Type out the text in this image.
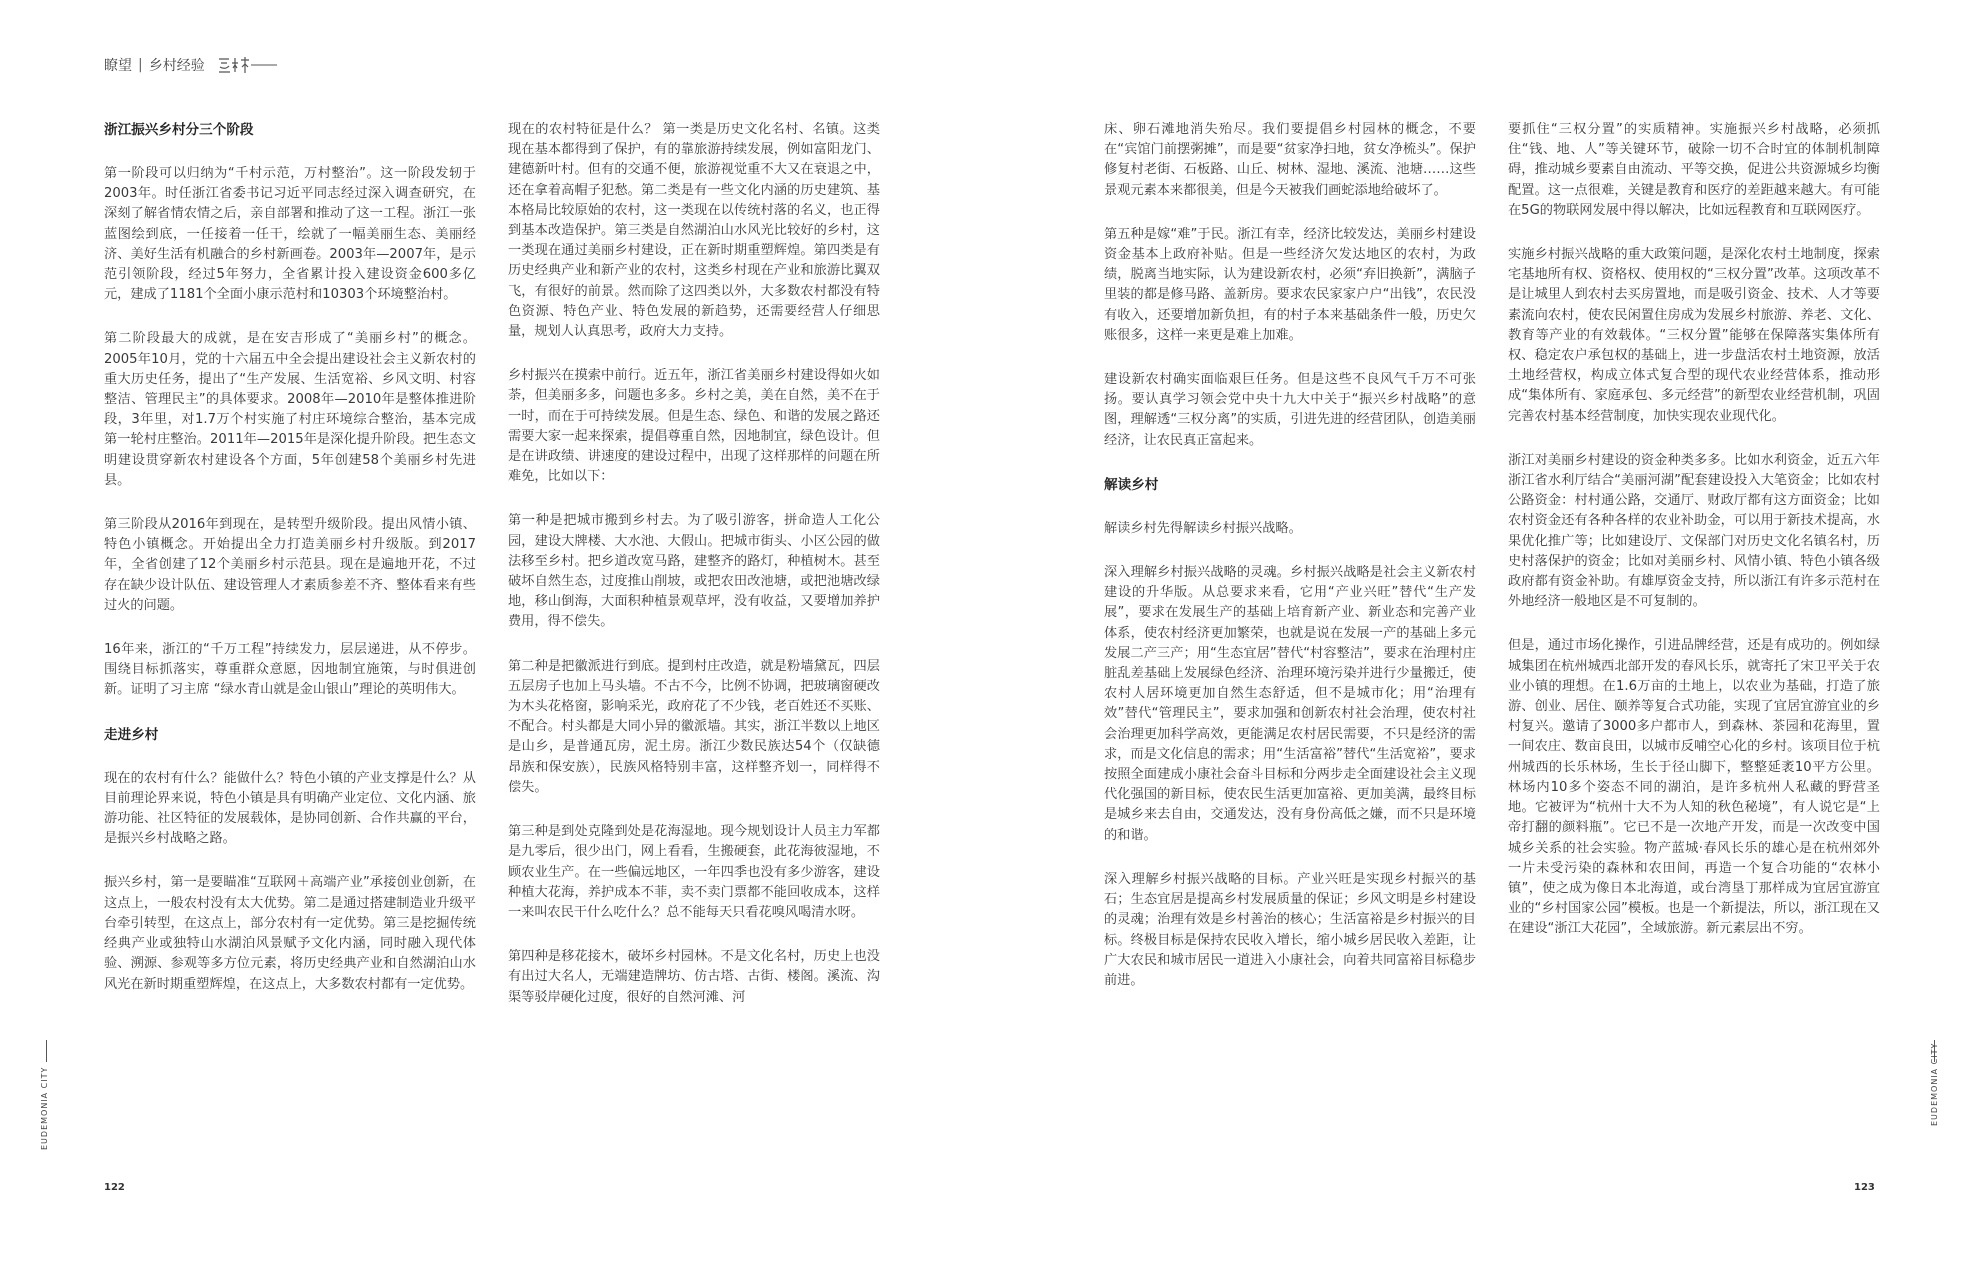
瞭望 | 乡村经验
浙江振兴乡村分三个阶段

第一阶段可以归纳为“千村示范，万村整治”。这一阶段发轫于2003年。时任浙江省委书记习近平同志经过深入调查研究，在深刻了解省情农情之后，亲自部署和推动了这一工程。浙江一张蓝图绘到底，一任接着一任干，绘就了一幅美丽生态、美丽经济、美好生活有机融合的乡村新画卷。2003年—2007年，是示范引领阶段，经过5年努力，全省累计投入建设资金600多亿元，建成了1181个全面小康示范村和10303个环境整治村。

第二阶段最大的成就，是在安吉形成了“美丽乡村”的概念。2005年10月，党的十六届五中全会提出建设社会主义新农村的重大历史任务，提出了“生产发展、生活宽裕、乡风文明、村容整洁、管理民主”的具体要求。2008年—2010年是整体推进阶段，3年里，对1.7万个村实施了村庄环境综合整治，基本完成第一轮村庄整治。2011年—2015年是深化提升阶段。把生态文明建设贯穿新农村建设各个方面，5年创建58个美丽乡村先进县。

第三阶段从2016年到现在，是转型升级阶段。提出风情小镇、特色小镇概念。开始提出全力打造美丽乡村升级版。到2017年，全省创建了12个美丽乡村示范县。现在是遍地开花，不过存在缺少设计队伍、建设管理人才素质参差不齐、整体看来有些过火的问题。

16年来，浙江的“千万工程”持续发力，层层递进，从不停步。围绕目标抓落实，尊重群众意愿，因地制宜施策，与时俱进创新。证明了习主席 “绿水青山就是金山银山”理论的英明伟大。

走进乡村

现在的农村有什么？能做什么？特色小镇的产业支撑是什么？从目前理论界来说，特色小镇是具有明确产业定位、文化内涵、旅游功能、社区特征的发展载体，是协同创新、合作共赢的平台，是振兴乡村战略之路。

振兴乡村，第一是要瞄准“互联网＋高端产业”承接创业创新，在这点上，一般农村没有太大优势。第二是通过搭建制造业升级平台牵引转型，在这点上，部分农村有一定优势。第三是挖掘传统经典产业或独特山水湖泊风景赋予文化内涵，同时融入现代体验、溯源、参观等多方位元素，将历史经典产业和自然湖泊山水风光在新时期重塑辉煌，在这点上，大多数农村都有一定优势。

现在的农村特征是什么？ 第一类是历史文化名村、名镇。这类现在基本都得到了保护，有的靠旅游持续发展，例如富阳龙门、建德新叶村。但有的交通不便，旅游视觉重不大又在衰退之中，还在拿着高帽子犯愁。第二类是有一些文化内涵的历史建筑、基本格局比较原始的农村，这一类现在以传统村落的名义，也正得到基本改造保护。第三类是自然湖泊山水风光比较好的乡村，这一类现在通过美丽乡村建设，正在新时期重塑辉煌。第四类是有历史经典产业和新产业的农村，这类乡村现在产业和旅游比翼双飞，有很好的前景。然而除了这四类以外，大多数农村都没有特色资源、特色产业、特色发展的新趋势，还需要经营人仔细思量，规划人认真思考，政府大力支持。

乡村振兴在摸索中前行。近五年，浙江省美丽乡村建设得如火如荼，但美丽多多，问题也多多。乡村之美，美在自然，美不在于一时，而在于可持续发展。但是生态、绿色、和谐的发展之路还需要大家一起来探索，提倡尊重自然，因地制宜，绿色设计。但是在讲政绩、讲速度的建设过程中，出现了这样那样的问题在所难免，比如以下：

第一种是把城市搬到乡村去。为了吸引游客，拼命造人工化公园，建设大牌楼、大水池、大假山。把城市街头、小区公园的做法移至乡村。把乡道改宽马路，建整齐的路灯，种植树木。甚至破坏自然生态，过度推山削坡，或把农田改池塘，或把池塘改绿地，移山倒海，大面积种植景观草坪，没有收益，又要增加养护费用，得不偿失。

第二种是把徽派进行到底。提到村庄改造，就是粉墙黛瓦，四层五层房子也加上马头墙。不古不今，比例不协调，把玻璃窗硬改为木头花格窗，影响采光，政府花了不少钱，老百姓还不买账、不配合。村头都是大同小异的徽派墙。其实，浙江半数以上地区是山乡，是普通瓦房，泥土房。浙江少数民族达54个（仅缺德昂族和保安族），民族风格特别丰富，这样整齐划一，同样得不偿失。

第三种是到处克隆到处是花海湿地。现今规划设计人员主力军都是九零后，很少出门，网上看看，生搬硬套，此花海彼湿地，不顾农业生产。在一些偏远地区，一年四季也没有多少游客，建设种植大花海，养护成本不菲，卖不卖门票都不能回收成本，这样一来叫农民干什么吃什么？总不能每天只看花嗅风喝清水呀。

第四种是移花接木，破坏乡村园林。不是文化名村，历史上也没有出过大名人，无端建造牌坊、仿古塔、古街、楼阁。溪流、沟渠等驳岸硬化过度，很好的自然河滩、河

床、卵石滩地消失殆尽。我们要提倡乡村园林的概念，不要在“宾馆门前摆粥摊”，而是要“贫家净扫地，贫女净梳头”。保护修复村老街、石板路、山丘、树林、湿地、溪流、池塘……这些景观元素本来都很美，但是今天被我们画蛇添地给破坏了。

第五种是嫁“难”于民。浙江有幸，经济比较发达，美丽乡村建设资金基本上政府补贴。但是一些经济欠发达地区的农村，为政绩，脱离当地实际，认为建设新农村，必须“弃旧换新”，满脑子里装的都是修马路、盖新房。要求农民家家户户“出钱”，农民没有收入，还要增加新负担，有的村子本来基础条件一般，历史欠账很多，这样一来更是难上加难。

建设新农村确实面临艰巨任务。但是这些不良风气千万不可张扬。要认真学习领会党中央十九大中关于“振兴乡村战略”的意图，理解透“三权分离”的实质，引进先进的经营团队，创造美丽经济，让农民真正富起来。

解读乡村

解读乡村先得解读乡村振兴战略。

深入理解乡村振兴战略的灵魂。乡村振兴战略是社会主义新农村建设的升华版。从总要求来看，它用“产业兴旺”替代“生产发展”，要求在发展生产的基础上培育新产业、新业态和完善产业体系，使农村经济更加繁荣，也就是说在发展一产的基础上多元发展二产三产；用“生态宜居”替代“村容整洁”，要求在治理村庄脏乱差基础上发展绿色经济、治理环境污染并进行少量搬迁，使农村人居环境更加自然生态舒适，但不是城市化；用“治理有效”替代“管理民主”，要求加强和创新农村社会治理，使农村社会治理更加科学高效，更能满足农村居民需要，不只是经济的需求，而是文化信息的需求；用“生活富裕”替代“生活宽裕”，要求按照全面建成小康社会奋斗目标和分两步走全面建设社会主义现代化强国的新目标，使农民生活更加富裕、更加美满，最终目标是城乡来去自由，交通发达，没有身份高低之嫌，而不只是环境的和谐。

深入理解乡村振兴战略的目标。产业兴旺是实现乡村振兴的基石；生态宜居是提高乡村发展质量的保证；乡风文明是乡村建设的灵魂；治理有效是乡村善治的核心；生活富裕是乡村振兴的目标。终极目标是保持农民收入增长，缩小城乡居民收入差距，让广大农民和城市居民一道进入小康社会，向着共同富裕目标稳步前进。

要抓住“三权分置”的实质精神。实施振兴乡村战略，必须抓住“钱、地、人”等关键环节，破除一切不合时宜的体制机制障碍，推动城乡要素自由流动、平等交换，促进公共资源城乡均衡配置。这一点很难，关键是教育和医疗的差距越来越大。有可能在5G的物联网发展中得以解决，比如远程教育和互联网医疗。

实施乡村振兴战略的重大政策问题，是深化农村土地制度，探索宅基地所有权、资格权、使用权的“三权分置”改革。这项改革不是让城里人到农村去买房置地，而是吸引资金、技术、人才等要素流向农村，使农民闲置住房成为发展乡村旅游、养老、文化、教育等产业的有效载体。“三权分置”能够在保障落实集体所有权、稳定农户承包权的基础上，进一步盘活农村土地资源，放活土地经营权，构成立体式复合型的现代农业经营体系，推动形成“集体所有、家庭承包、多元经营”的新型农业经营机制，巩固完善农村基本经营制度，加快实现农业现代化。

浙江对美丽乡村建设的资金种类多多。比如水利资金，近五六年浙江省水利厅结合“美丽河湖”配套建设投入大笔资金；比如农村公路资金：村村通公路，交通厅、财政厅都有这方面资金；比如农村资金还有各种各样的农业补助金，可以用于新技术提高，水果优化推广等；比如建设厅、文保部门对历史文化名镇名村，历史村落保护的资金；比如对美丽乡村、风情小镇、特色小镇各级政府都有资金补助。有雄厚资金支持，所以浙江有许多示范村在外地经济一般地区是不可复制的。

但是，通过市场化操作，引进品牌经营，还是有成功的。例如绿城集团在杭州城西北部开发的春风长乐，就寄托了宋卫平关于农业小镇的理想。在1.6万亩的土地上，以农业为基础，打造了旅游、创业、居住、颐养等复合式功能，实现了宜居宜游宜业的乡村复兴。邀请了3000多户都市人，到森林、茶园和花海里，置一间农庄、数亩良田，以城市反哺空心化的乡村。该项目位于杭州城西的长乐林场，生长于径山脚下，整整延袤10平方公里。林场内10多个姿态不同的湖泊，是许多杭州人私藏的野营圣地。它被评为“杭州十大不为人知的秋色秘境”，有人说它是“上帝打翻的颜料瓶”。它已不是一次地产开发，而是一次改变中国城乡关系的社会实验。物产蓝城·春风长乐的雄心是在杭州郊外一片未受污染的森林和农田间，再造一个复合功能的“农林小镇”，使之成为像日本北海道，或台湾垦丁那样成为宜居宜游宜业的“乡村国家公园”模板。也是一个新提法，所以，浙江现在又在建设“浙江大花园”，全域旅游。新元素层出不穷。

EUDEMONIA CITY	EUDEMONIA CITY
122	123
